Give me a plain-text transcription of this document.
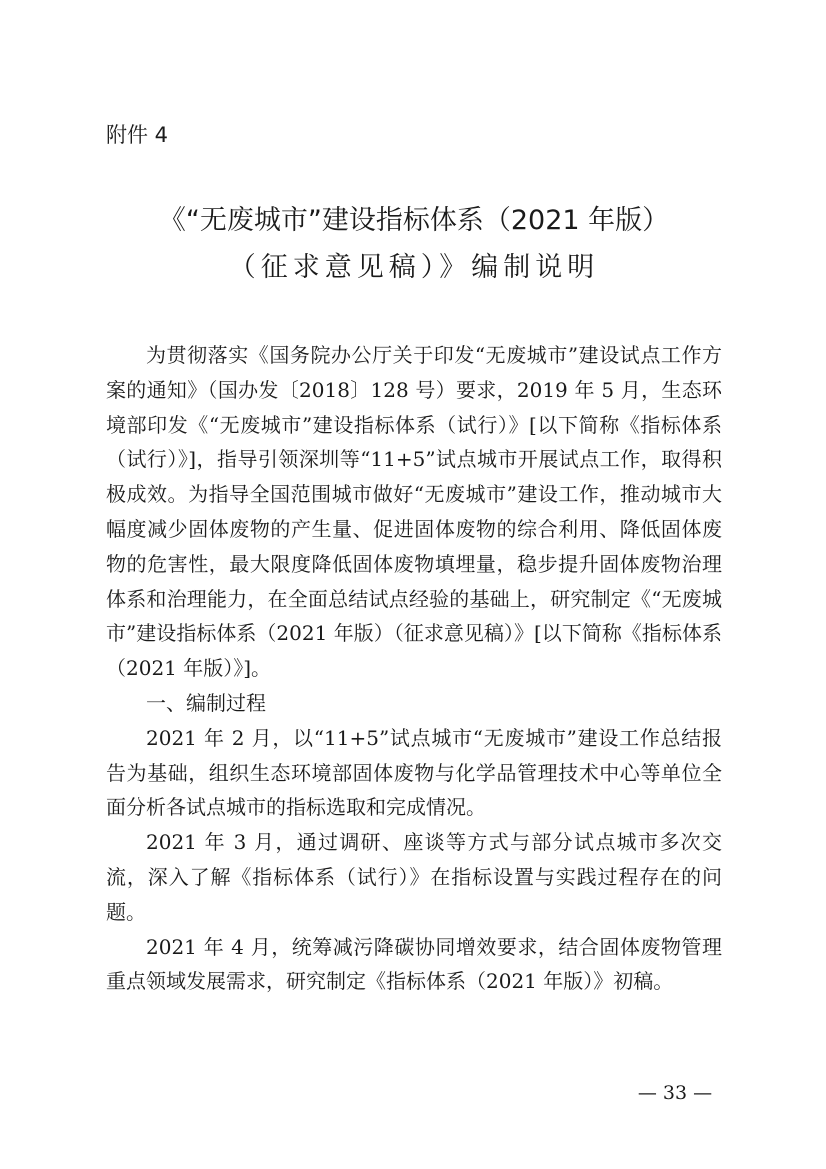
附件 4
《“无废城市”建设指标体系（2021 年版）
（征求意见稿）》编制说明

为贯彻落实《国务院办公厅关于印发“无废城市”建设试点工作方案的通知》（国办发〔2018〕128 号）要求，2019 年 5 月，生态环境部印发《“无废城市”建设指标体系（试行）》[以下简称《指标体系（试行）》]，指导引领深圳等“11+5”试点城市开展试点工作，取得积极成效。为指导全国范围城市做好“无废城市”建设工作，推动城市大幅度减少固体废物的产生量、促进固体废物的综合利用、降低固体废物的危害性，最大限度降低固体废物填埋量，稳步提升固体废物治理体系和治理能力，在全面总结试点经验的基础上，研究制定《“无废城市”建设指标体系（2021 年版）（征求意见稿）》[以下简称《指标体系（2021 年版）》]。

一、编制过程

2021 年 2 月，以“11+5”试点城市“无废城市”建设工作总结报告为基础，组织生态环境部固体废物与化学品管理技术中心等单位全面分析各试点城市的指标选取和完成情况。

2021 年 3 月，通过调研、座谈等方式与部分试点城市多次交流，深入了解《指标体系（试行）》在指标设置与实践过程存在的问题。

2021 年 4 月，统筹减污降碳协同增效要求，结合固体废物管理重点领域发展需求，研究制定《指标体系（2021 年版）》初稿。

— 33 —
